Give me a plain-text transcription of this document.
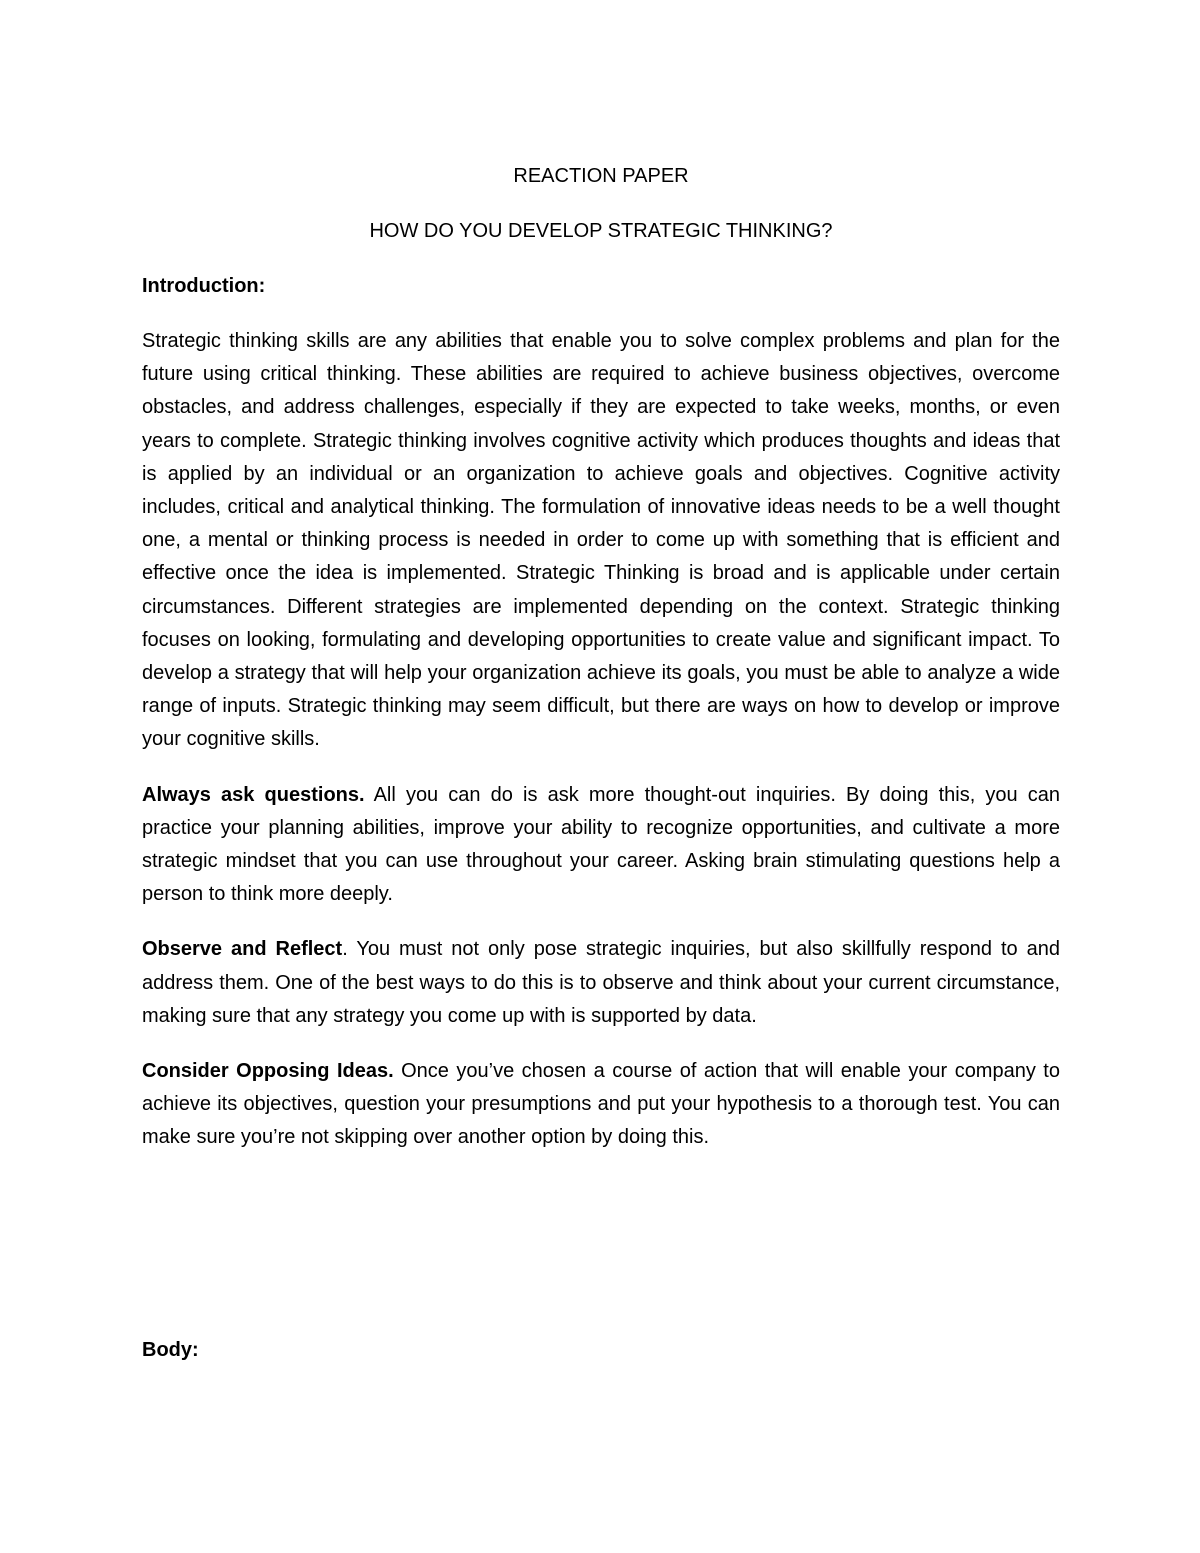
REACTION PAPER
HOW DO YOU DEVELOP STRATEGIC THINKING?
Introduction:

Strategic thinking skills are any abilities that enable you to solve complex problems and plan for the future using critical thinking. These abilities are required to achieve business objectives, overcome obstacles, and address challenges, especially if they are expected to take weeks, months, or even years to complete. Strategic thinking involves cognitive activity which produces thoughts and ideas that is applied by an individual or an organization to achieve goals and objectives. Cognitive activity includes, critical and analytical thinking. The formulation of innovative ideas needs to be a well thought one, a mental or thinking process is needed in order to come up with something that is efficient and effective once the idea is implemented. Strategic Thinking is broad and is applicable under certain circumstances. Different strategies are implemented depending on the context. Strategic thinking focuses on looking, formulating and developing opportunities to create value and significant impact. To develop a strategy that will help your organization achieve its goals, you must be able to analyze a wide range of inputs. Strategic thinking may seem difficult, but there are ways on how to develop or improve your cognitive skills.

Always ask questions. All you can do is ask more thought-out inquiries. By doing this, you can practice your planning abilities, improve your ability to recognize opportunities, and cultivate a more strategic mindset that you can use throughout your career. Asking brain stimulating questions help a person to think more deeply.

Observe and Reflect. You must not only pose strategic inquiries, but also skillfully respond to and address them. One of the best ways to do this is to observe and think about your current circumstance, making sure that any strategy you come up with is supported by data.

Consider Opposing Ideas. Once you’ve chosen a course of action that will enable your company to achieve its objectives, question your presumptions and put your hypothesis to a thorough test. You can make sure you’re not skipping over another option by doing this.

Body:
